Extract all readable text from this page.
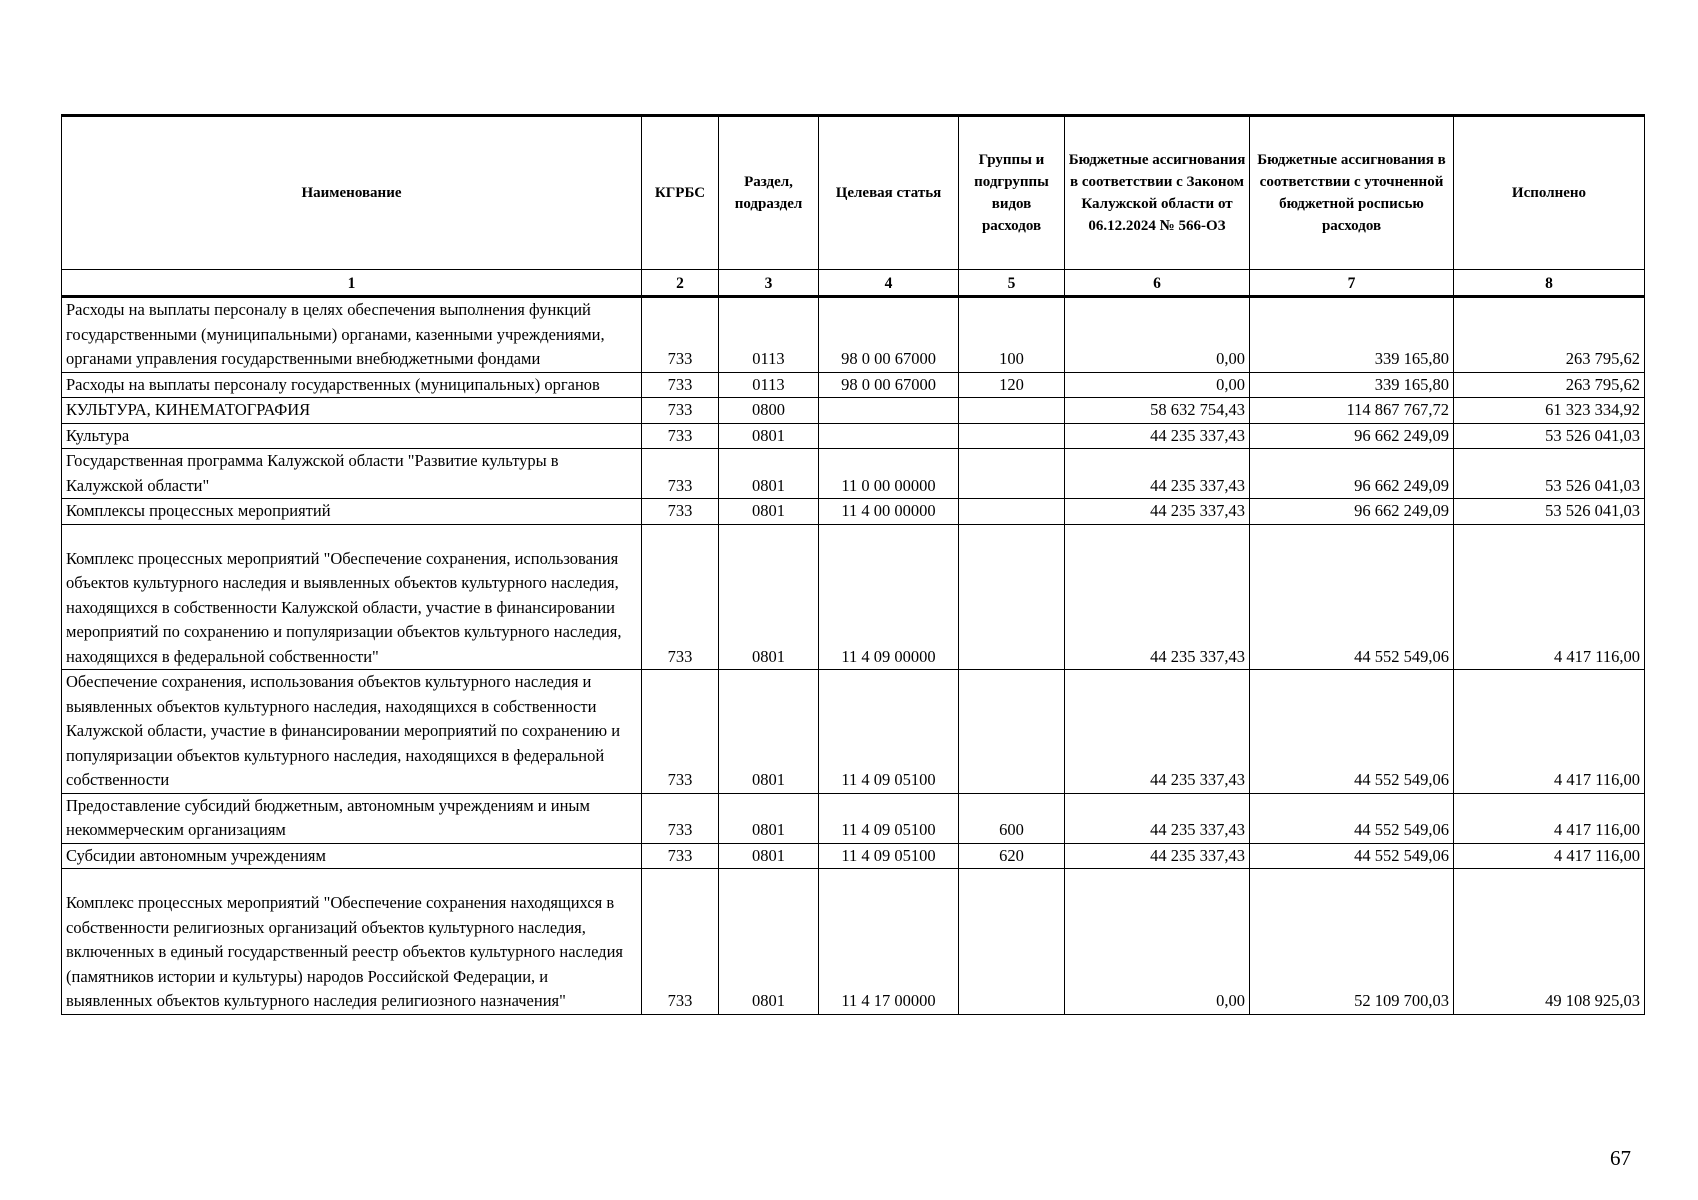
Наименование	КГРБС	Раздел, подраздел	Целевая статья	Группы и подгруппы видов расходов	Бюджетные ассигнования в соответствии с Законом Калужской области от 06.12.2024 № 566-ОЗ	Бюджетные ассигнования в соответствии с уточненной бюджетной росписью расходов	Исполнено
1	2	3	4	5	6	7	8
Расходы на выплаты персоналу в целях обеспечения выполнения функций государственными (муниципальными) органами, казенными учреждениями, органами управления государственными внебюджетными фондами	733	0113	98 0 00 67000	100	0,00	339 165,80	263 795,62
Расходы на выплаты персоналу государственных (муниципальных) органов	733	0113	98 0 00 67000	120	0,00	339 165,80	263 795,62
КУЛЬТУРА, КИНЕМАТОГРАФИЯ	733	0800			58 632 754,43	114 867 767,72	61 323 334,92
Культура	733	0801			44 235 337,43	96 662 249,09	53 526 041,03
Государственная программа Калужской области "Развитие культуры в Калужской области"	733	0801	11 0 00 00000		44 235 337,43	96 662 249,09	53 526 041,03
Комплексы процессных мероприятий	733	0801	11 4 00 00000		44 235 337,43	96 662 249,09	53 526 041,03
Комплекс процессных мероприятий "Обеспечение сохранения, использования объектов культурного наследия и выявленных объектов культурного наследия, находящихся в собственности Калужской области, участие в финансировании мероприятий по сохранению и популяризации объектов культурного наследия, находящихся в федеральной собственности"	733	0801	11 4 09 00000		44 235 337,43	44 552 549,06	4 417 116,00
Обеспечение сохранения, использования объектов культурного наследия и выявленных объектов культурного наследия, находящихся в собственности Калужской области, участие в финансировании мероприятий по сохранению и популяризации объектов культурного наследия, находящихся в федеральной собственности	733	0801	11 4 09 05100		44 235 337,43	44 552 549,06	4 417 116,00
Предоставление субсидий бюджетным, автономным учреждениям и иным некоммерческим организациям	733	0801	11 4 09 05100	600	44 235 337,43	44 552 549,06	4 417 116,00
Субсидии автономным учреждениям	733	0801	11 4 09 05100	620	44 235 337,43	44 552 549,06	4 417 116,00
Комплекс процессных мероприятий "Обеспечение сохранения находящихся в собственности религиозных организаций объектов культурного наследия, включенных в единый государственный реестр объектов культурного наследия (памятников истории и культуры) народов Российской Федерации, и выявленных объектов культурного наследия религиозного назначения"	733	0801	11 4 17 00000		0,00	52 109 700,03	49 108 925,03
67
